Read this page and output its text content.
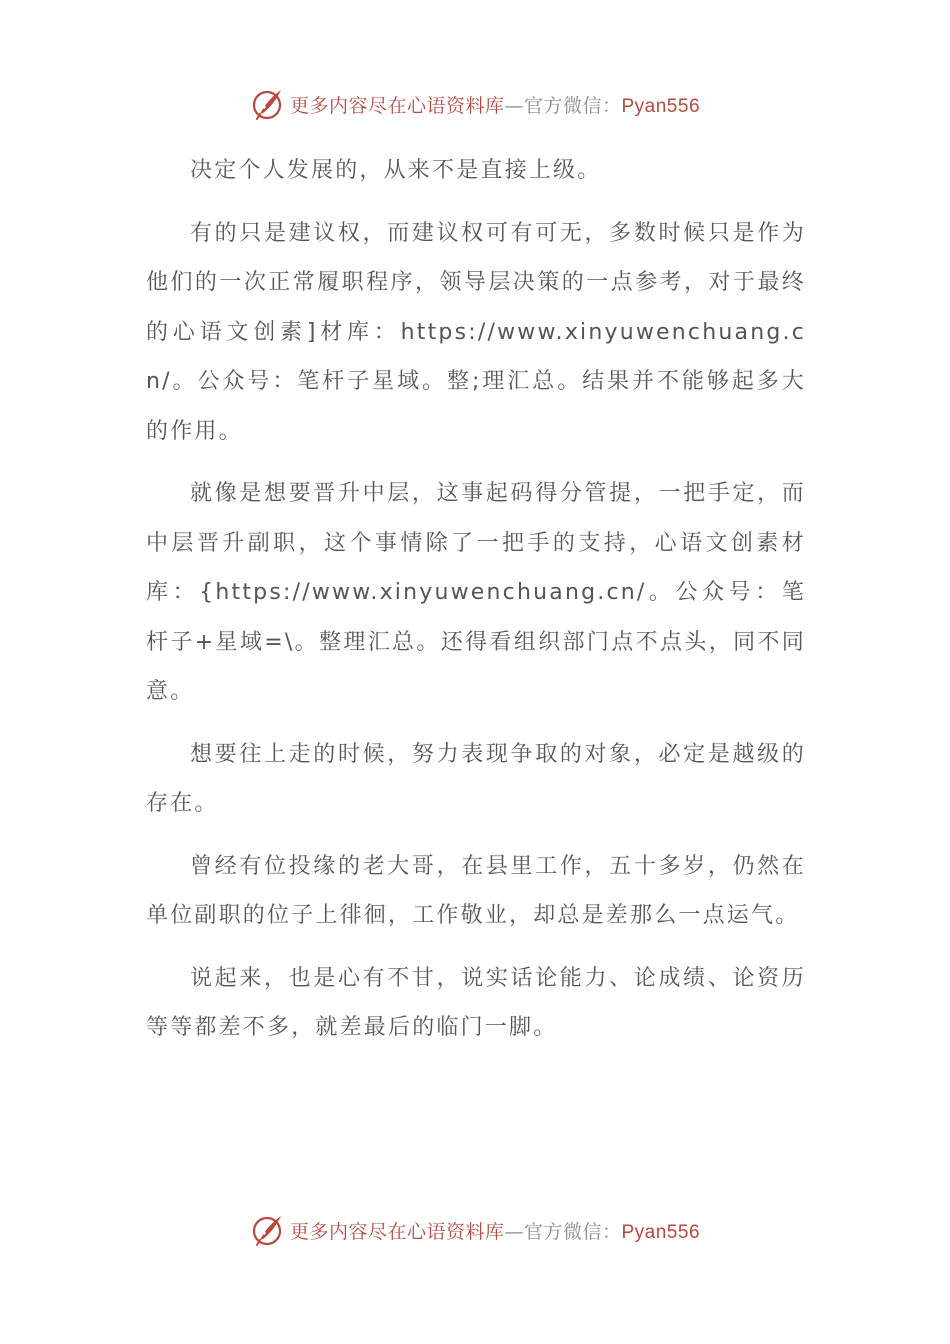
更多内容尽在心语资料库—官方微信：Pyan556

决定个人发展的，从来不是直接上级。

有的只是建议权，而建议权可有可无，多数时候只是作为他们的一次正常履职程序，领导层决策的一点参考，对于最终的心语文创素]材库：https://www.xinyuwenchuang.cn/。公众号：笔杆子星域。整;理汇总。结果并不能够起多大的作用。

就像是想要晋升中层，这事起码得分管提，一把手定，而中层晋升副职，这个事情除了一把手的支持，心语文创素材库：{https://www.xinyuwenchuang.cn/。公众号：笔杆子+星域=\。整理汇总。还得看组织部门点不点头，同不同意。

想要往上走的时候，努力表现争取的对象，必定是越级的存在。

曾经有位投缘的老大哥，在县里工作，五十多岁，仍然在单位副职的位子上徘徊，工作敬业，却总是差那么一点运气。

说起来，也是心有不甘，说实话论能力、论成绩、论资历等等都差不多，就差最后的临门一脚。

更多内容尽在心语资料库—官方微信：Pyan556
